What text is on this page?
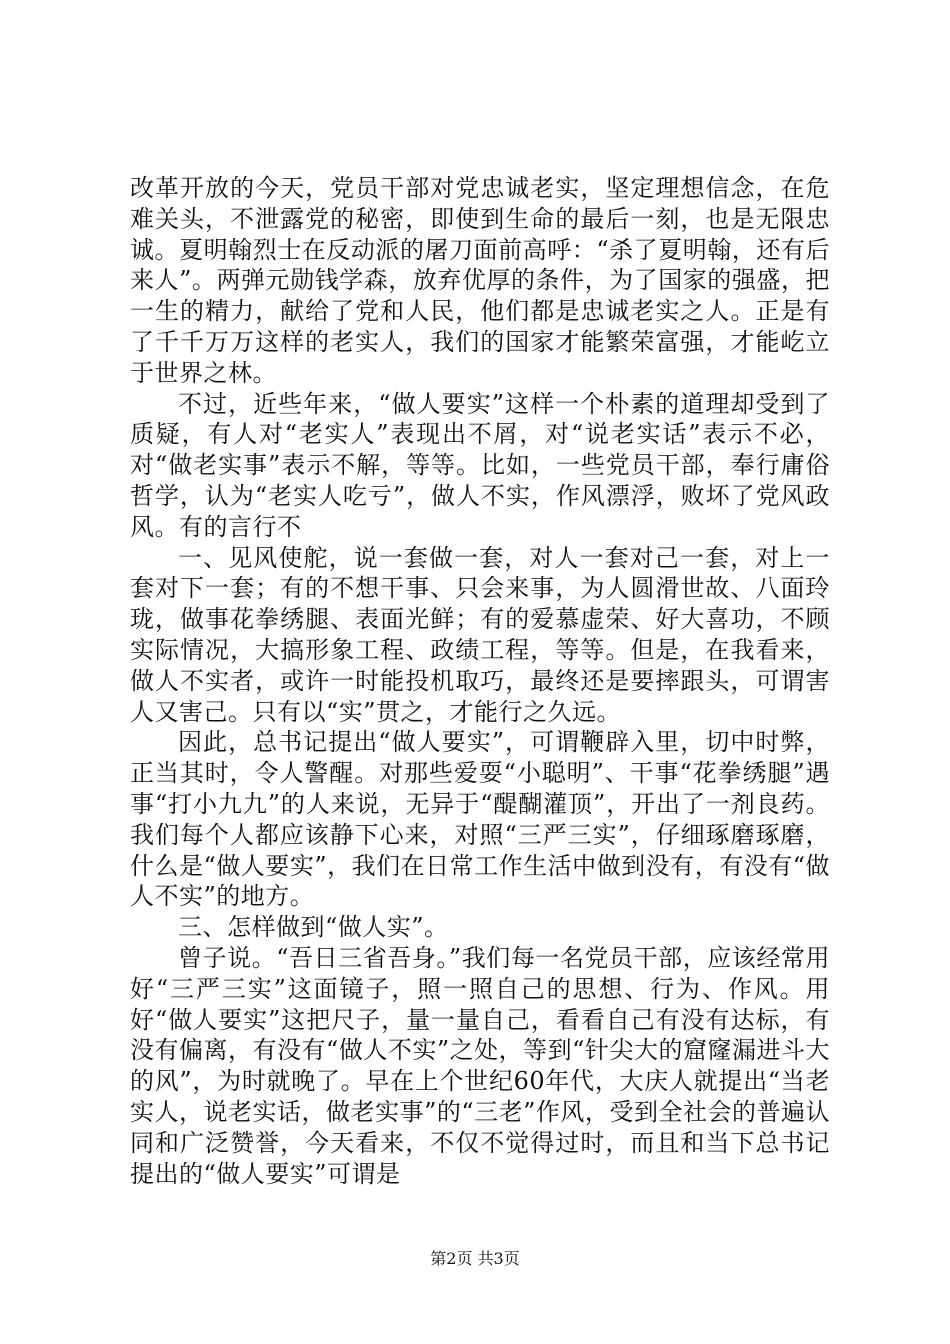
改革开放的今天，党员干部对党忠诚老实，坚定理想信念，在危难关头，不泄露党的秘密，即使到生命的最后一刻，也是无限忠诚。夏明翰烈士在反动派的屠刀面前高呼：“杀了夏明翰，还有后来人”。两弹元勋钱学森，放弃优厚的条件，为了国家的强盛，把一生的精力，献给了党和人民，他们都是忠诚老实之人。正是有了千千万万这样的老实人，我们的国家才能繁荣富强，才能屹立于世界之林。

不过，近些年来，“做人要实”这样一个朴素的道理却受到了质疑，有人对“老实人”表现出不屑，对“说老实话”表示不必，对“做老实事”表示不解，等等。比如，一些党员干部，奉行庸俗哲学，认为“老实人吃亏”，做人不实，作风漂浮，败坏了党风政风。有的言行不

一、见风使舵，说一套做一套，对人一套对己一套，对上一套对下一套；有的不想干事、只会来事，为人圆滑世故、八面玲珑，做事花拳绣腿、表面光鲜；有的爱慕虚荣、好大喜功，不顾实际情况，大搞形象工程、政绩工程，等等。但是，在我看来，做人不实者，或许一时能投机取巧，最终还是要摔跟头，可谓害人又害己。只有以“实”贯之，才能行之久远。

因此，总书记提出“做人要实”，可谓鞭辟入里，切中时弊，正当其时，令人警醒。对那些爱耍“小聪明”、干事“花拳绣腿”遇事“打小九九”的人来说，无异于“醍醐灌顶”，开出了一剂良药。我们每个人都应该静下心来，对照“三严三实”，仔细琢磨琢磨，什么是“做人要实”，我们在日常工作生活中做到没有，有没有“做人不实”的地方。

三、怎样做到“做人实”。

曾子说。“吾日三省吾身。”我们每一名党员干部，应该经常用好“三严三实”这面镜子，照一照自己的思想、行为、作风。用好“做人要实”这把尺子，量一量自己，看看自己有没有达标，有没有偏离，有没有“做人不实”之处，等到“针尖大的窟窿漏进斗大的风”，为时就晚了。早在上个世纪60年代，大庆人就提出“当老实人，说老实话，做老实事”的“三老”作风，受到全社会的普遍认同和广泛赞誉，今天看来，不仅不觉得过时，而且和当下总书记提出的“做人要实”可谓是

第2页 共3页
